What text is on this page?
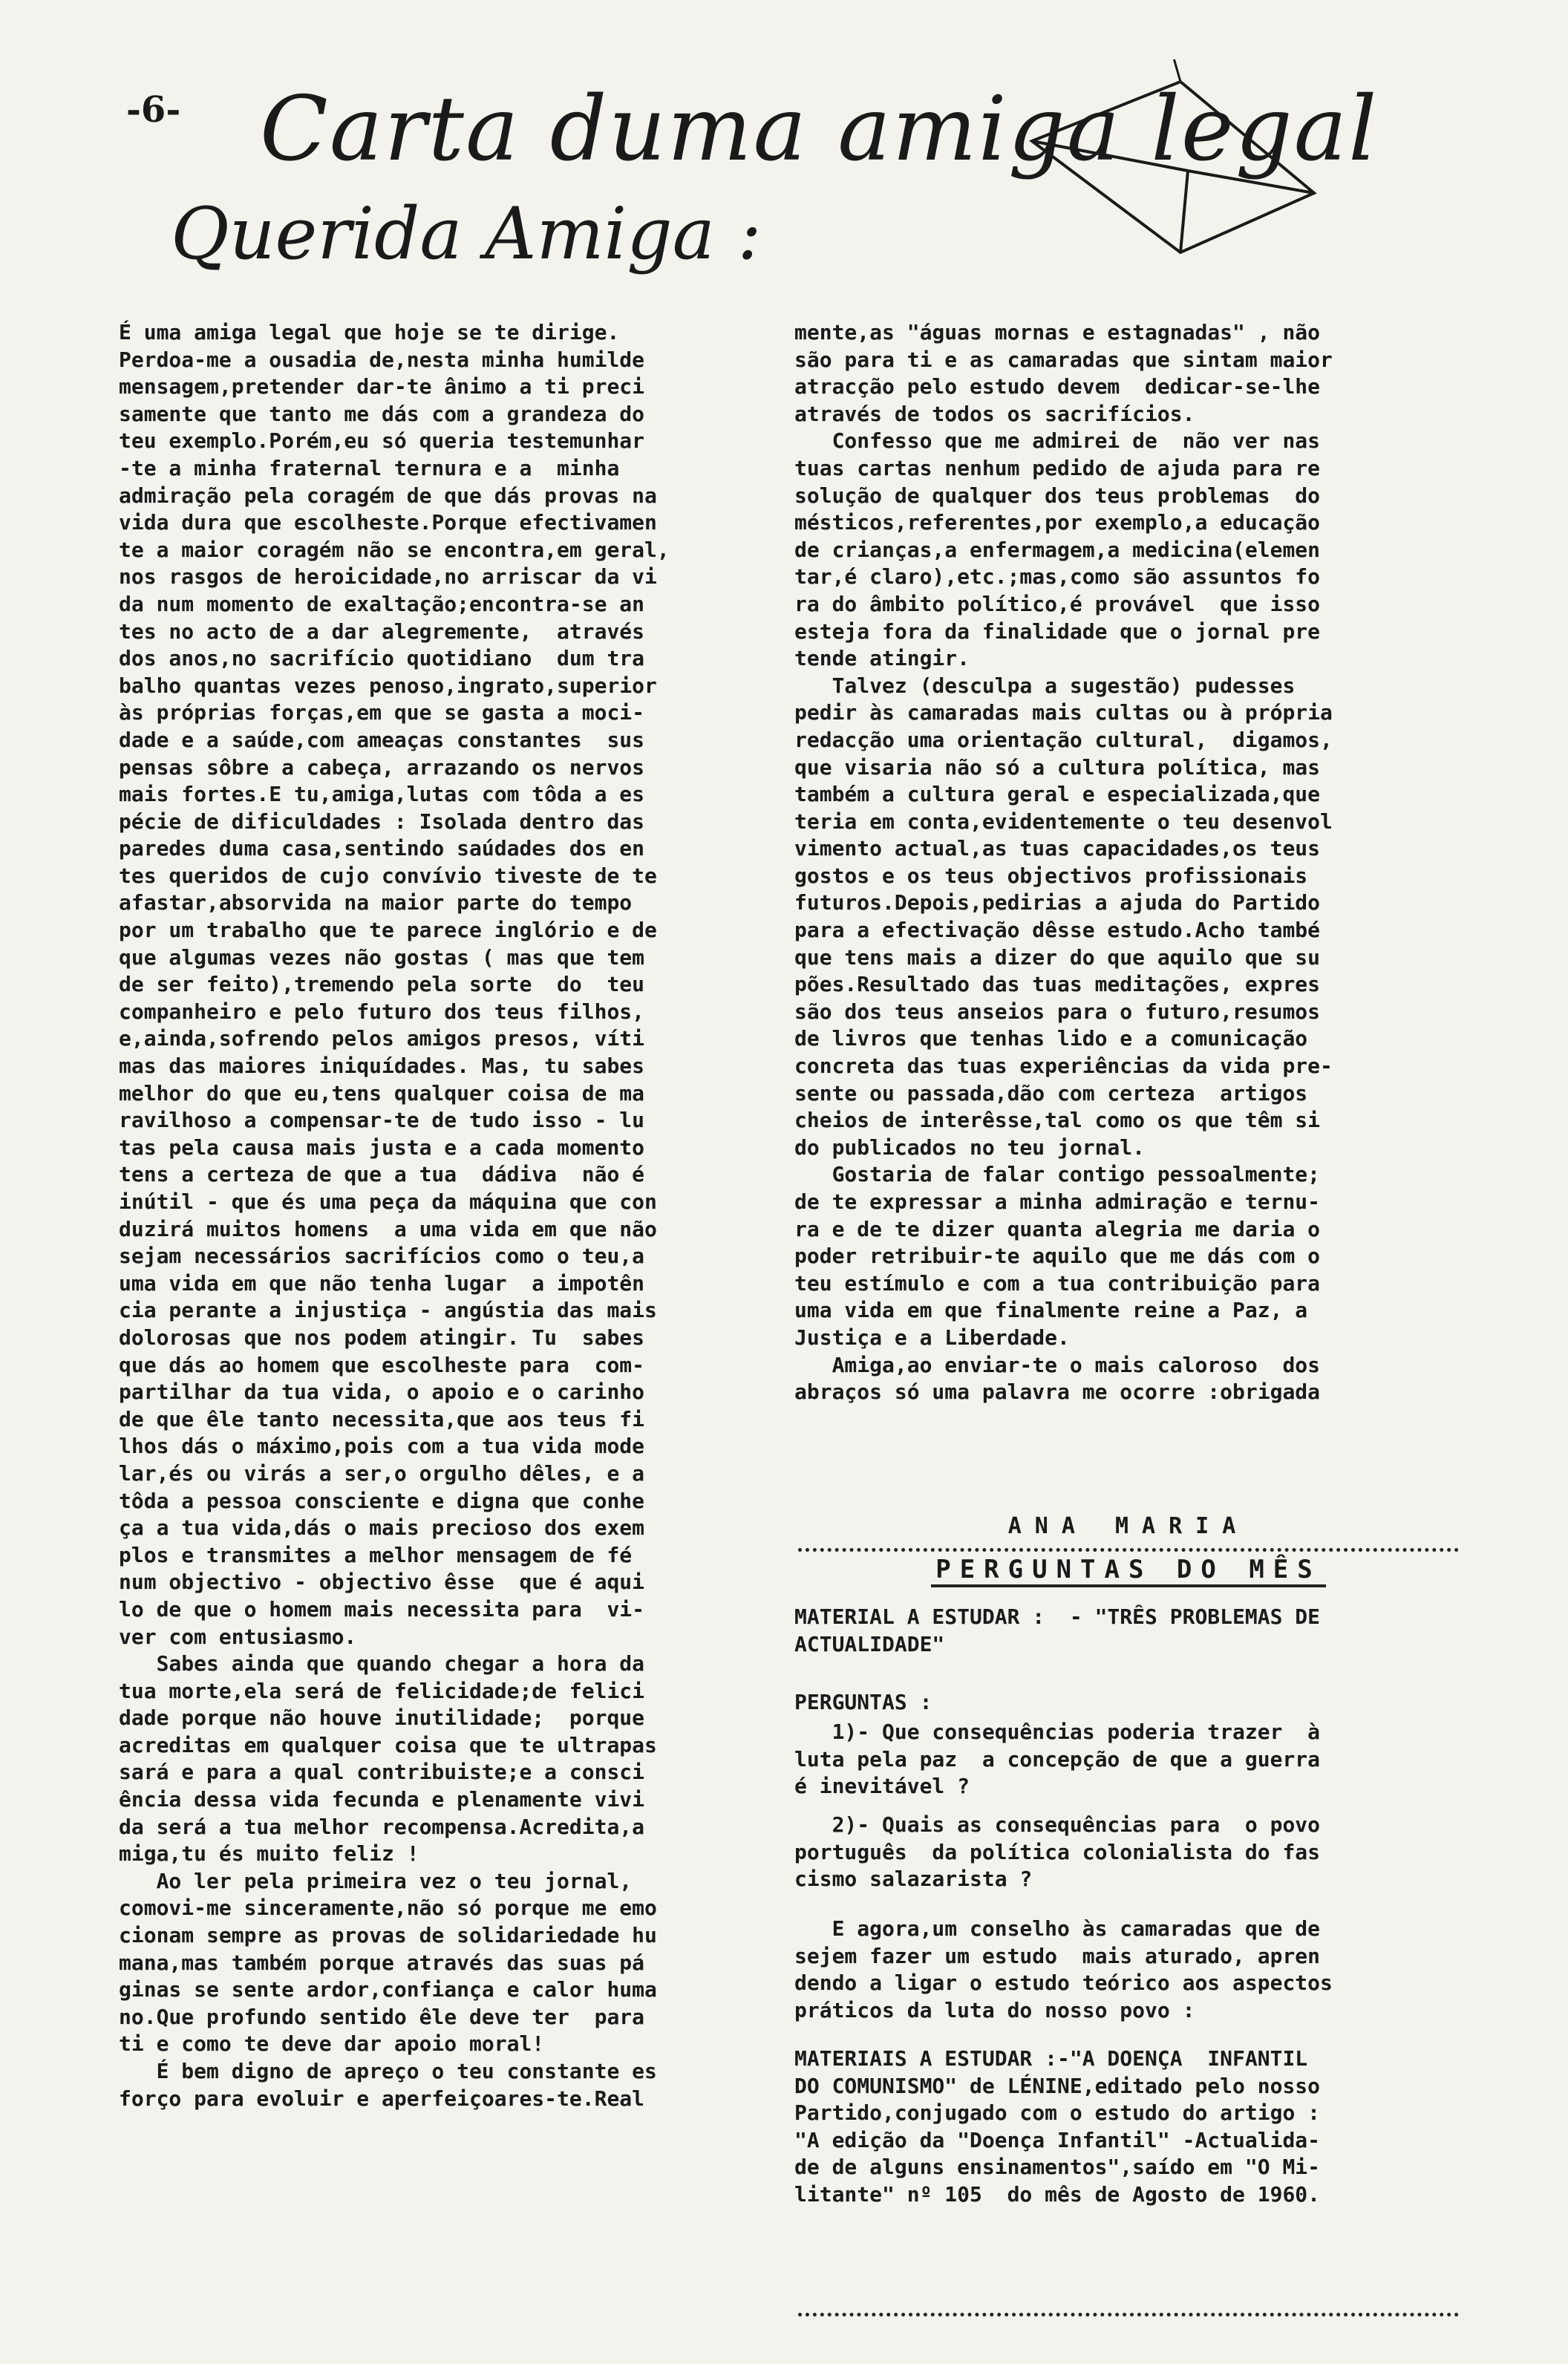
-6- Carta duma amiga legal
Querida Amiga :
É uma amiga legal que hoje se te dirige.
Perdoa-me a ousadia de,nesta minha humilde
mensagem,pretender dar-te ânimo a ti preci
samente que tanto me dás com a grandeza do
teu exemplo.Porém,eu só queria testemunhar
-te a minha fraternal ternura e a  minha
admiração pela coragém de que dás provas na
vida dura que escolheste.Porque efectivamen
te a maior coragém não se encontra,em geral,
nos rasgos de heroicidade,no arriscar da vi
da num momento de exaltação;encontra-se an
tes no acto de a dar alegremente,  através
dos anos,no sacrifício quotidiano  dum tra
balho quantas vezes penoso,ingrato,superior
às próprias forças,em que se gasta a moci-
dade e a saúde,com ameaças constantes  sus
pensas sôbre a cabeça, arrazando os nervos
mais fortes.E tu,amiga,lutas com tôda a es
pécie de dificuldades : Isolada dentro das
paredes duma casa,sentindo saúdades dos en
tes queridos de cujo convívio tiveste de te
afastar,absorvida na maior parte do tempo
por um trabalho que te parece inglório e de
que algumas vezes não gostas ( mas que tem
de ser feito),tremendo pela sorte  do  teu
companheiro e pelo futuro dos teus filhos,
e,ainda,sofrendo pelos amigos presos, víti
mas das maiores iniquídades. Mas, tu sabes
melhor do que eu,tens qualquer coisa de ma
ravilhoso a compensar-te de tudo isso - lu
tas pela causa mais justa e a cada momento
tens a certeza de que a tua  dádiva  não é
inútil - que és uma peça da máquina que con
duzirá muitos homens  a uma vida em que não
sejam necessários sacrifícios como o teu,a
uma vida em que não tenha lugar  a impotên
cia perante a injustiça - angústia das mais
dolorosas que nos podem atingir. Tu  sabes
que dás ao homem que escolheste para  com-
partilhar da tua vida, o apoio e o carinho
de que êle tanto necessita,que aos teus fi
lhos dás o máximo,pois com a tua vida mode
lar,és ou virás a ser,o orgulho dêles, e a
tôda a pessoa consciente e digna que conhe
ça a tua vida,dás o mais precioso dos exem
plos e transmites a melhor mensagem de fé
num objectivo - objectivo êsse  que é aqui
lo de que o homem mais necessita para  vi-
ver com entusiasmo.
Sabes ainda que quando chegar a hora da
tua morte,ela será de felicidade;de felici
dade porque não houve inutilidade;  porque
acreditas em qualquer coisa que te ultrapas
sará e para a qual contribuiste;e a consci
ência dessa vida fecunda e plenamente vivi
da será a tua melhor recompensa.Acredita,a
miga,tu és muito feliz !
Ao ler pela primeira vez o teu jornal,
comovi-me sinceramente,não só porque me emo
cionam sempre as provas de solidariedade hu
mana,mas também porque através das suas pá
ginas se sente ardor,confiança e calor huma
no.Que profundo sentido êle deve ter  para
ti e como te deve dar apoio moral!
É bem digno de apreço o teu constante es
forço para evoluir e aperfeiçoares-te.Real
mente,as "águas mornas e estagnadas" , não
são para ti e as camaradas que sintam maior
atracção pelo estudo devem  dedicar-se-lhe
através de todos os sacrifícios.
Confesso que me admirei de  não ver nas
tuas cartas nenhum pedido de ajuda para re
solução de qualquer dos teus problemas  do
mésticos,referentes,por exemplo,a educação
de crianças,a enfermagem,a medicina(elemen
tar,é claro),etc.;mas,como são assuntos fo
ra do âmbito político,é provável  que isso
esteja fora da finalidade que o jornal pre
tende atingir.
Talvez (desculpa a sugestão) pudesses
pedir às camaradas mais cultas ou à própria
redacção uma orientação cultural,  digamos,
que visaria não só a cultura política, mas
também a cultura geral e especializada,que
teria em conta,evidentemente o teu desenvol
vimento actual,as tuas capacidades,os teus
gostos e os teus objectivos profissionais
futuros.Depois,pedirias a ajuda do Partido
para a efectivação dêsse estudo.Acho també
que tens mais a dizer do que aquilo que su
pões.Resultado das tuas meditações, expres
são dos teus anseios para o futuro,resumos
de livros que tenhas lido e a comunicação
concreta das tuas experiências da vida pre-
sente ou passada,dão com certeza  artigos
cheios de interêsse,tal como os que têm si
do publicados no teu jornal.
Gostaria de falar contigo pessoalmente;
de te expressar a minha admiração e ternu-
ra e de te dizer quanta alegria me daria o
poder retribuir-te aquilo que me dás com o
teu estímulo e com a tua contribuição para
uma vida em que finalmente reine a Paz, a
Justiça e a Liberdade.
Amiga,ao enviar-te o mais caloroso  dos
abraços só uma palavra me ocorre :obrigada
ANA MARIA
PERGUNTAS DO MÊS
MATERIAL A ESTUDAR :  - "TRÊS PROBLEMAS DE
ACTUALIDADE"
PERGUNTAS :
1)- Que consequências poderia trazer  à
luta pela paz  a concepção de que a guerra
é inevitável ?
2)- Quais as consequências para  o povo
português  da política colonialista do fas
cismo salazarista ?
E agora,um conselho às camaradas que de
sejem fazer um estudo  mais aturado, apren
dendo a ligar o estudo teórico aos aspectos
práticos da luta do nosso povo :
MATERIAIS A ESTUDAR :-"A DOENÇA  INFANTIL
DO COMUNISMO" de LÉNINE,editado pelo nosso
Partido,conjugado com o estudo do artigo :
"A edição da "Doença Infantil" -Actualida-
de de alguns ensinamentos",saído em "O Mi-
litante" nº 105  do mês de Agosto de 1960.
